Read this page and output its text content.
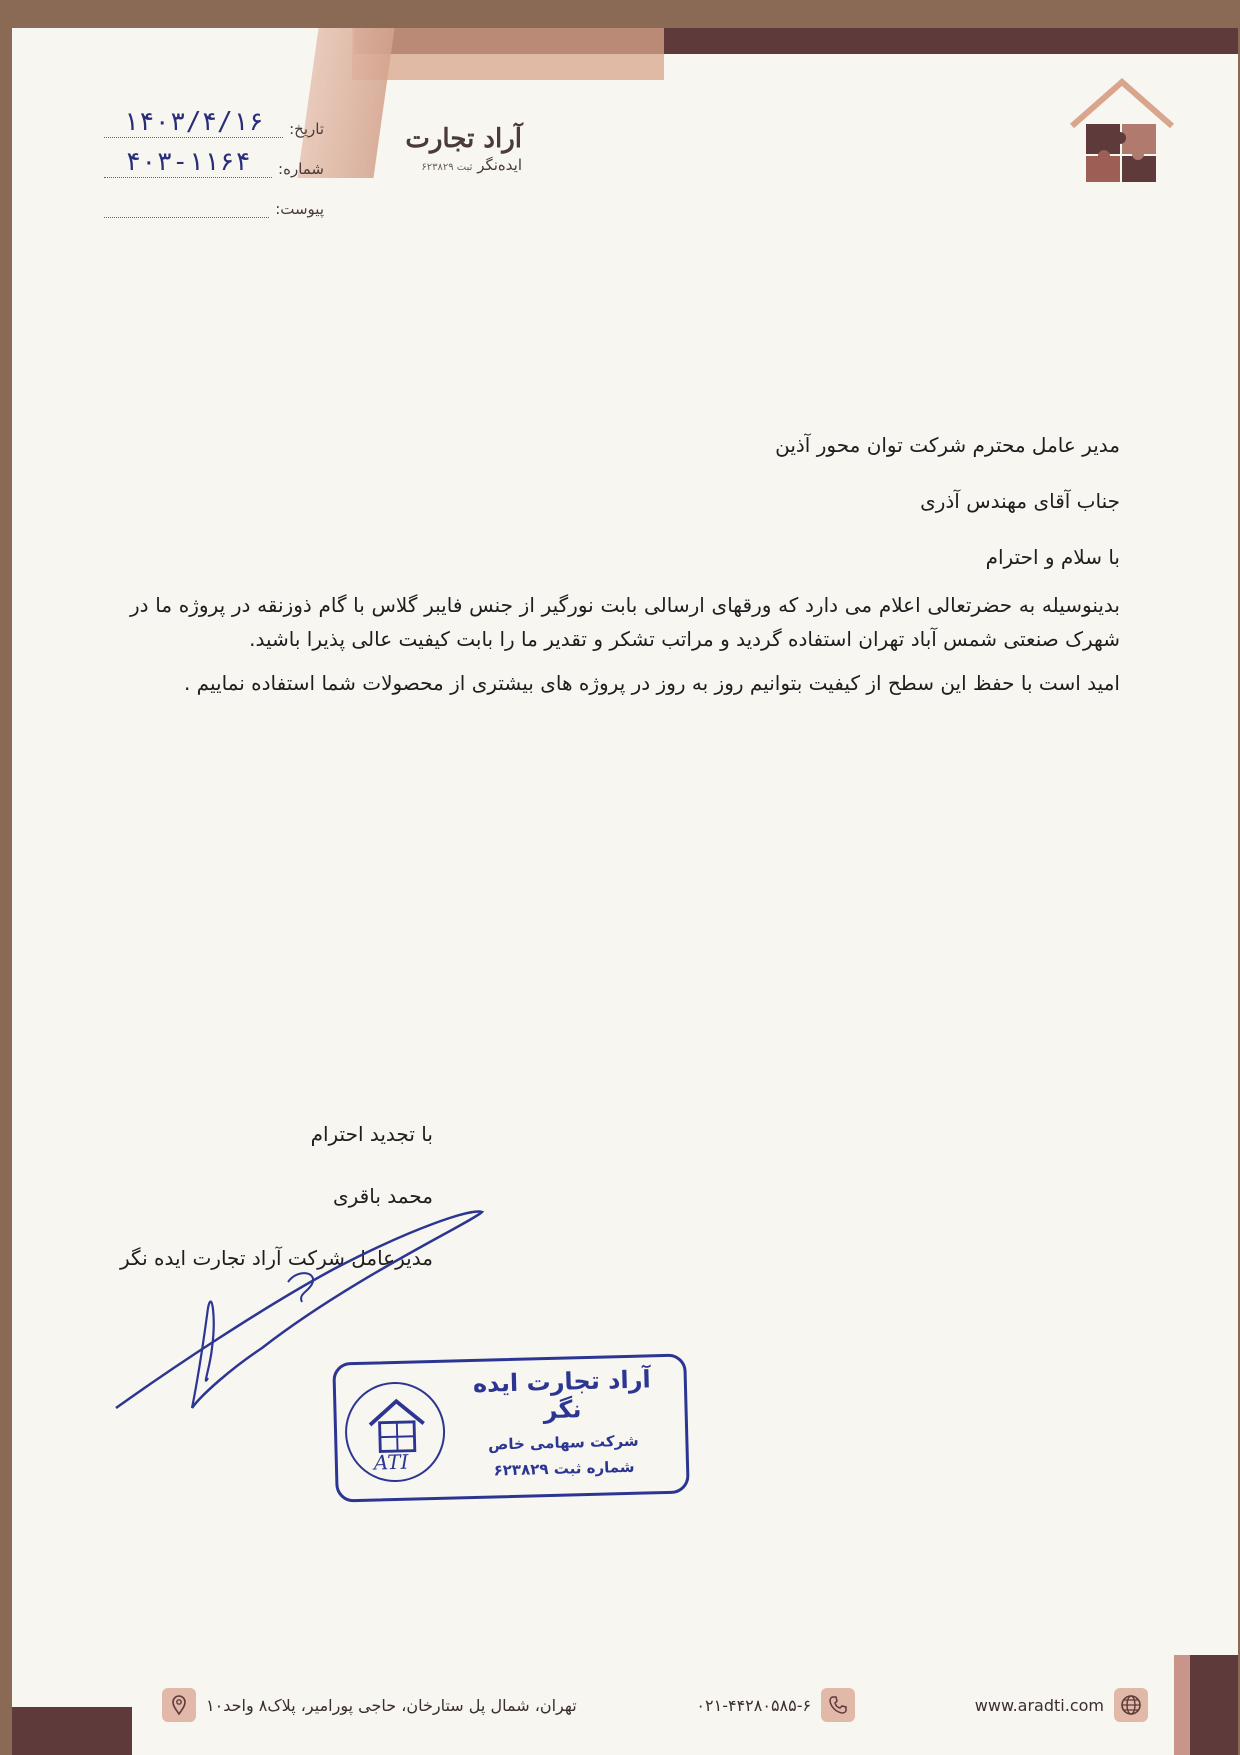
آراد تجارت
ایده‌نگر ثبت ۶۲۳۸۲۹
تاریخ:
۱۴۰۳/۴/۱۶
شماره:
۴۰۳-۱۱۶۴
پیوست:

مدیر عامل محترم شرکت توان محور آذین

جناب آقای مهندس آذری

با سلام و احترام

بدینوسیله به حضرتعالی اعلام می دارد که ورقهای ارسالی بابت نورگیر از جنس فایبر گلاس با گام ذوزنقه در پروژه ما در شهرک صنعتی شمس آباد تهران استفاده گردید و مراتب تشکر و تقدیر ما را بابت کیفیت عالی پذیرا باشید.

امید است با حفظ این سطح از کیفیت بتوانیم روز به روز در پروژه های بیشتری از محصولات شما استفاده نماییم .

با تجدید احترام
محمد باقری
مدیرعامل شرکت آراد تجارت ایده نگر
ATI
آراد تجارت ایده نگر
شرکت سهامی خاص
شماره ثبت ۶۲۳۸۲۹
www.aradti.com
۰۲۱-۴۴۲۸۰۵۸۵-۶
تهران، شمال پل ستارخان، حاجی پورامیر، پلاک۸ واحد۱۰
